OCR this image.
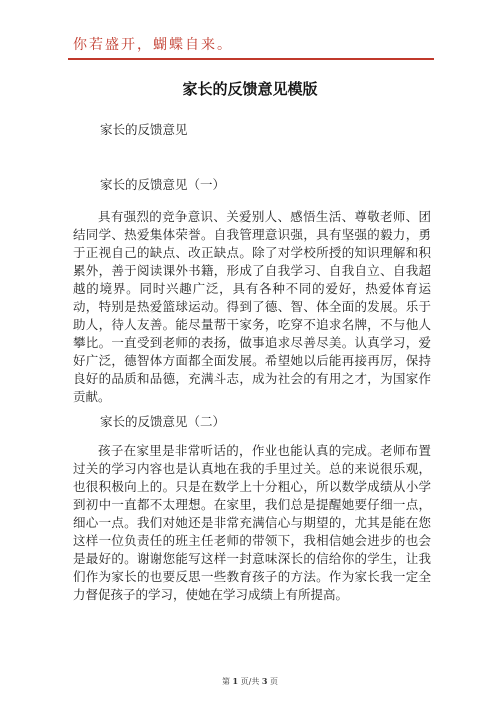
你若盛开，蝴蝶自来。
家长的反馈意见模版
家长的反馈意见
家长的反馈意见（一）
具有强烈的竞争意识、关爱别人、感悟生活、尊敬老师、团结同学、热爱集体荣誉。自我管理意识强，具有坚强的毅力，勇于正视自己的缺点、改正缺点。除了对学校所授的知识理解和积累外，善于阅读课外书籍，形成了自我学习、自我自立、自我超越的境界。同时兴趣广泛，具有各种不同的爱好，热爱体育运动，特别是热爱篮球运动。得到了德、智、体全面的发展。乐于助人，待人友善。能尽量帮干家务，吃穿不追求名牌，不与他人攀比。一直受到老师的表扬，做事追求尽善尽美。认真学习，爱好广泛，德智体方面都全面发展。希望她以后能再接再厉，保持良好的品质和品德，充满斗志，成为社会的有用之才，为国家作贡献。
家长的反馈意见（二）
孩子在家里是非常听话的，作业也能认真的完成。老师布置过关的学习内容也是认真地在我的手里过关。总的来说很乐观，也很积极向上的。只是在数学上十分粗心，所以数学成绩从小学到初中一直都不太理想。在家里，我们总是提醒她要仔细一点，细心一点。我们对她还是非常充满信心与期望的，尤其是能在您这样一位负责任的班主任老师的带领下，我相信她会进步的也会是最好的。谢谢您能写这样一封意味深长的信给你的学生，让我们作为家长的也要反思一些教育孩子的方法。作为家长我一定全力督促孩子的学习，使她在学习成绩上有所提高。
第 1 页/共 3 页
